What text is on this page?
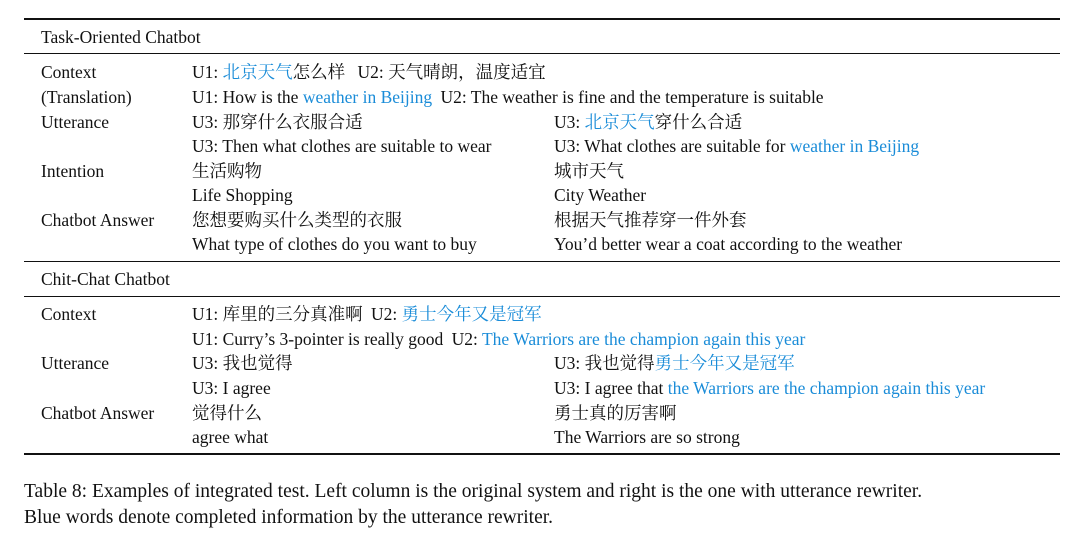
Task-Oriented Chatbot
Context	U1: 北京天气怎么样 U2: 天气晴朗，温度适宜
(Translation)	U1: How is the weather in Beijing U2: The weather is fine and the temperature is suitable
Utterance	U3: 那穿什么衣服合适	U3: 北京天气穿什么合适
U3: Then what clothes are suitable to wear	U3: What clothes are suitable for weather in Beijing
Intention	生活购物	城市天气
Life Shopping	City Weather
Chatbot Answer 您想要购买什么类型的衣服	根据天气推荐穿一件外套
What type of clothes do you want to buy	You’d better wear a coat according to the weather
Chit-Chat Chatbot
Context	U1: 库里的三分真准啊 U2: 勇士今年又是冠军
U1: Curry’s 3-pointer is really good U2: The Warriors are the champion again this year
Utterance	U3: 我也觉得	U3: 我也觉得勇士今年又是冠军
U3: I agree	U3: I agree that the Warriors are the champion again this year
Chatbot Answer 觉得什么	勇士真的厉害啊
agree what	The Warriors are so strong
Table 8: Examples of integrated test. Left column is the original system and right is the one with utterance rewriter.
Blue words denote completed information by the utterance rewriter.
